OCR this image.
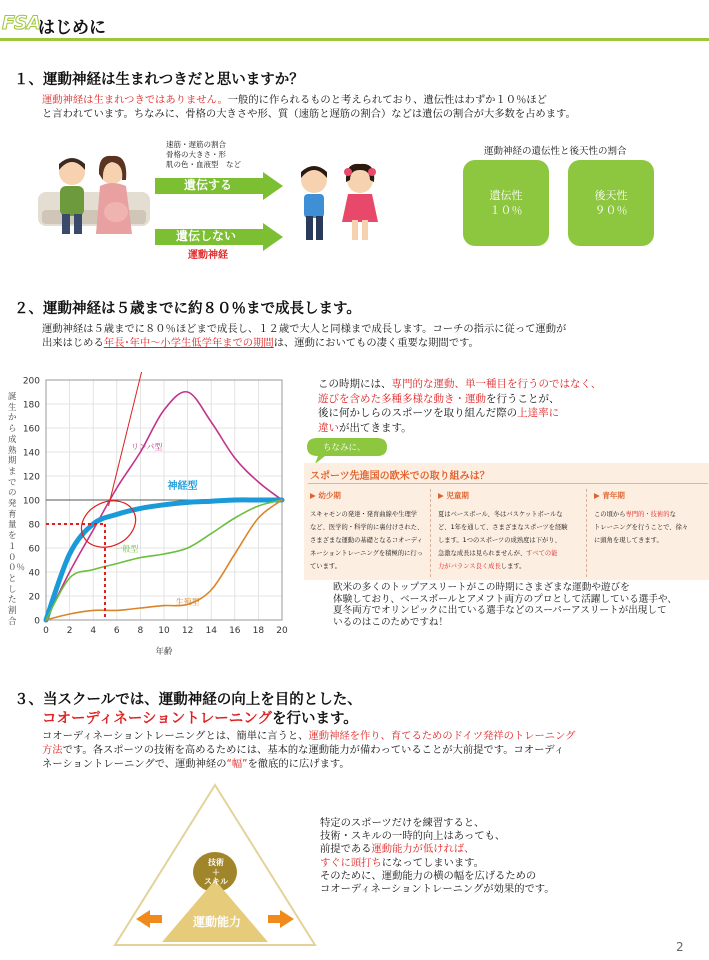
FSA
はじめに
１、運動神経は生まれつきだと思いますか？
運動神経は生まれつきではありません。一般的に作られるものと考えられており、遺伝性はわずか１０％ほど
と言われています。ちなみに、骨格の大きさや形、質（速筋と遅筋の割合）などは遺伝の割合が大多数を占めます。
速筋・遅筋の割合
骨格の大きさ・形
肌の色・血液型　など
遺伝する
遺伝しない
運動神経
運動神経の遺伝性と後天性の割合
遺伝性
１０％
後天性
９０％
２、運動神経は５歳までに約８０％まで成長します。
運動神経は５歳までに８０％ほどまで成長し、１２歳で大人と同様まで成長します。コーチの指示に従って運動が
出来はじめる年長･年中～小学生低学年までの期間は、運動においてもの凄く重要な期間です。
0
20
40
60
80
100
120
140
160
180
200
0 2 4 6 8 10 12 14 16 18 20
年齢
リンパ型
神経型
一般型
生殖型
誕生から成熟期までの発育量を１００％とした割合
この時期には、専門的な運動、単一種目を行うのではなく、
遊びを含めた多種多様な動き・運動を行うことが、
後に何かしらのスポーツを取り組んだ際の上達率に
違いが出てきます。
ちなみに、
スポーツ先進国の欧米での取り組みは？
▶ 幼少期
スキャモンの発達・発育曲線や生理学
など、医学的・科学的に裏付けされた、
さまざまな運動の基礎となるコオーディ
ネーショントレーニングを積極的に行っ
ています。
▶ 児童期
夏はベースボール、冬はバスケットボールな
ど、1年を通して、さまざまなスポーツを経験
します。1つのスポーツの成熟度は下がり、
急激な成長は見られませんが、すべての能
力がバランス良く成長します。
▶ 青年期
この頃から専門的・技術的な
トレーニングを行うことで、徐々
に頭角を現してきます。
欧米の多くのトップアスリートがこの時期にさまざまな運動や遊びを
体験しており、ベースボールとアメフト両方のプロとして活躍している選手や、
夏冬両方でオリンピックに出ている選手などのスーパーアスリートが出現して
いるのはこのためですね！
３、当スクールでは、運動神経の向上を目的とした、
コオーディネーショントレーニングを行います。
コオーディネーショントレーニングとは、簡単に言うと、運動神経を作り、育てるためのドイツ発祥のトレーニング
方法です。各スポーツの技術を高めるためには、基本的な運動能力が備わっていることが大前提です。コオーディ
ネーショントレーニングで、運動神経の“幅”を徹底的に広げます。
技術
＋
スキル
運動能力
特定のスポーツだけを練習すると、
技術・スキルの一時的向上はあっても、
前提である運動能力が低ければ、
すぐに頭打ちになってしまいます。
そのために、運動能力の横の幅を広げるための
コオーディネーショントレーニングが効果的です。
2
